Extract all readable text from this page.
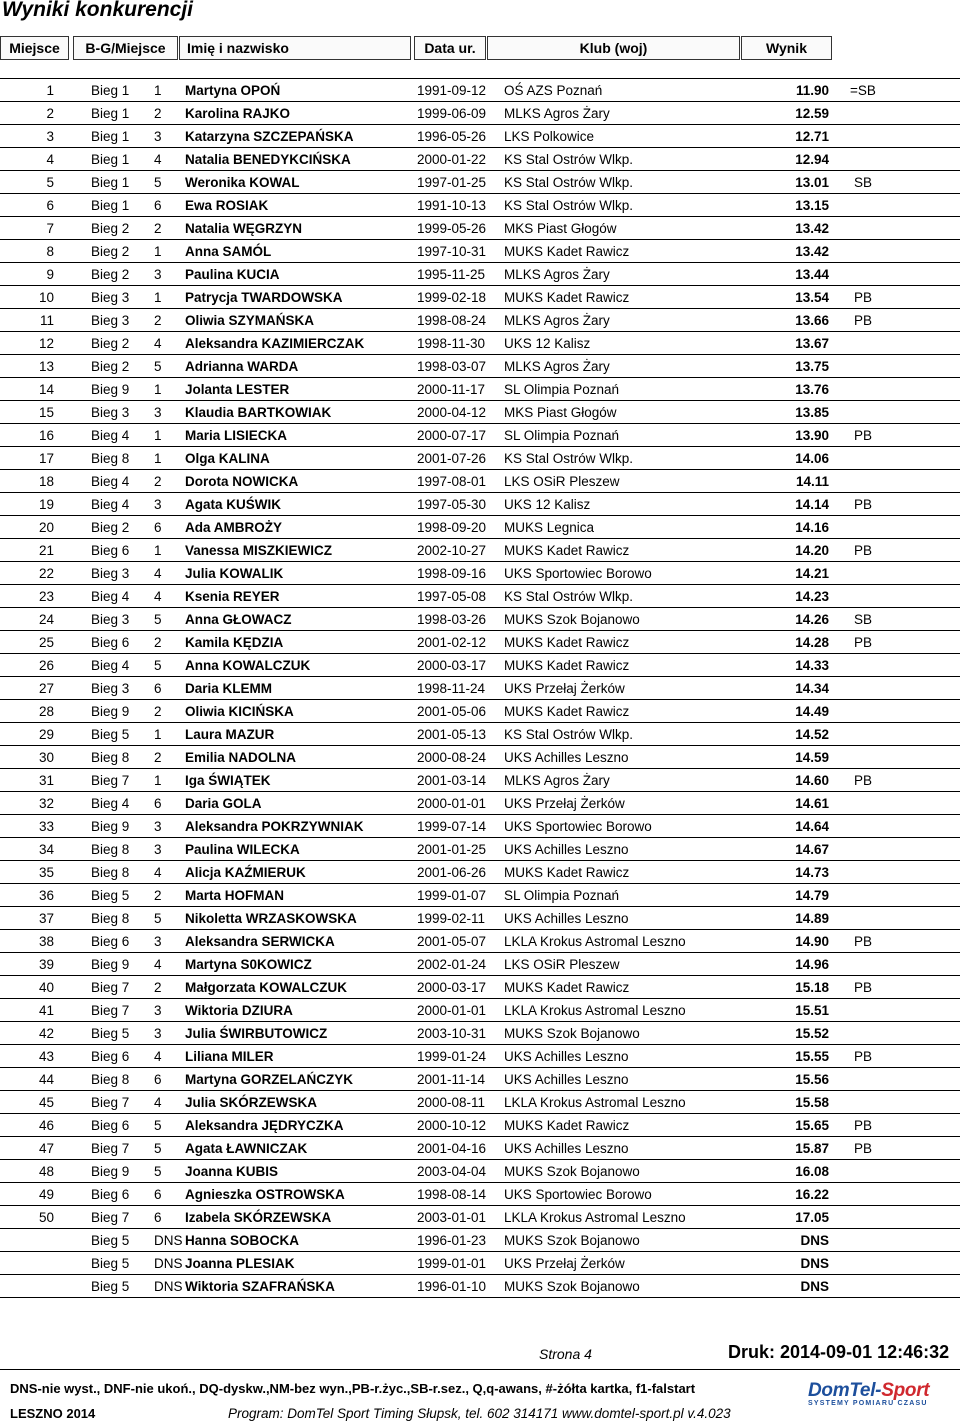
Wyniki konkurencji
Miejsce	B-G/Miejsce	Imię i nazwisko	Data ur.	Klub (woj)	Wynik
1	Bieg 1 1 Martyna OPOŃ	1991-09-12 OŚ AZS Poznań	11.90 =SB
2	Bieg 1 2 Karolina RAJKO	1999-06-09 MLKS Agros Żary	12.59
3	Bieg 1 3 Katarzyna SZCZEPAŃSKA	1996-05-26 LKS Polkowice	12.71
4	Bieg 1 4 Natalia BENEDYKCIŃSKA	2000-01-22 KS Stal Ostrów Wlkp.	12.94
5	Bieg 1 5 Weronika KOWAL	1997-01-25 KS Stal Ostrów Wlkp.	13.01	SB
6	Bieg 1 6 Ewa ROSIAK	1991-10-13 KS Stal Ostrów Wlkp.	13.15
7	Bieg 2 2 Natalia WĘGRZYN	1999-05-26 MKS Piast Głogów	13.42
8	Bieg 2 1 Anna SAMÓL	1997-10-31 MUKS Kadet Rawicz	13.42
9	Bieg 2 3 Paulina KUCIA	1995-11-25 MLKS Agros Żary	13.44
10	Bieg 3 1 Patrycja TWARDOWSKA	1999-02-18 MUKS Kadet Rawicz	13.54	PB
11	Bieg 3 2 Oliwia SZYMAŃSKA	1998-08-24 MLKS Agros Żary	13.66	PB
12	Bieg 2 4 Aleksandra KAZIMIERCZAK	1998-11-30 UKS 12 Kalisz	13.67
13	Bieg 2 5 Adrianna WARDA	1998-03-07 MLKS Agros Żary	13.75
14	Bieg 9 1 Jolanta LESTER	2000-11-17 SL Olimpia Poznań	13.76
15	Bieg 3 3 Klaudia BARTKOWIAK	2000-04-12 MKS Piast Głogów	13.85
16	Bieg 4 1 Maria LISIECKA	2000-07-17 SL Olimpia Poznań	13.90	PB
17	Bieg 8 1 Olga KALINA	2001-07-26 KS Stal Ostrów Wlkp.	14.06
18	Bieg 4 2 Dorota NOWICKA	1997-08-01 LKS OSiR Pleszew	14.11
19	Bieg 4 3 Agata KUŚWIK	1997-05-30 UKS 12 Kalisz	14.14	PB
20	Bieg 2 6 Ada AMBROŻY	1998-09-20 MUKS Legnica	14.16
21	Bieg 6 1 Vanessa MISZKIEWICZ	2002-10-27 MUKS Kadet Rawicz	14.20	PB
22	Bieg 3 4 Julia KOWALIK	1998-09-16 UKS Sportowiec Borowo	14.21
23	Bieg 4 4 Ksenia REYER	1997-05-08 KS Stal Ostrów Wlkp.	14.23
24	Bieg 3 5 Anna GŁOWACZ	1998-03-26 MUKS Szok Bojanowo	14.26	SB
25	Bieg 6 2 Kamila KĘDZIA	2001-02-12 MUKS Kadet Rawicz	14.28	PB
26	Bieg 4 5 Anna KOWALCZUK	2000-03-17 MUKS Kadet Rawicz	14.33
27	Bieg 3 6 Daria KLEMM	1998-11-24 UKS Przełaj Żerków	14.34
28	Bieg 9 2 Oliwia KICIŃSKA	2001-05-06 MUKS Kadet Rawicz	14.49
29	Bieg 5 1 Laura MAZUR	2001-05-13 KS Stal Ostrów Wlkp.	14.52
30	Bieg 8 2 Emilia NADOLNA	2000-08-24 UKS Achilles Leszno	14.59
31	Bieg 7 1 Iga ŚWIĄTEK	2001-03-14 MLKS Agros Żary	14.60	PB
32	Bieg 4 6 Daria GOLA	2000-01-01 UKS Przełaj Żerków	14.61
33	Bieg 9 3 Aleksandra POKRZYWNIAK	1999-07-14 UKS Sportowiec Borowo	14.64
34	Bieg 8 3 Paulina WILECKA	2001-01-25 UKS Achilles Leszno	14.67
35	Bieg 8 4 Alicja KAŹMIERUK	2001-06-26 MUKS Kadet Rawicz	14.73
36	Bieg 5 2 Marta HOFMAN	1999-01-07 SL Olimpia Poznań	14.79
37	Bieg 8 5 Nikoletta WRZASKOWSKA	1999-02-11 UKS Achilles Leszno	14.89
38	Bieg 6 3 Aleksandra SERWICKA	2001-05-07 LKLA Krokus Astromal Leszno	14.90	PB
39	Bieg 9 4 Martyna S0KOWICZ	2002-01-24 LKS OSiR Pleszew	14.96
40	Bieg 7 2 Małgorzata KOWALCZUK	2000-03-17 MUKS Kadet Rawicz	15.18	PB
41	Bieg 7 3 Wiktoria DZIURA	2000-01-01 LKLA Krokus Astromal Leszno	15.51
42	Bieg 5 3 Julia ŚWIRBUTOWICZ	2003-10-31 MUKS Szok Bojanowo	15.52
43	Bieg 6 4 Liliana MILER	1999-01-24 UKS Achilles Leszno	15.55	PB
44	Bieg 8 6 Martyna GORZELAŃCZYK	2001-11-14 UKS Achilles Leszno	15.56
45	Bieg 7 4 Julia SKÓRZEWSKA	2000-08-11 LKLA Krokus Astromal Leszno	15.58
46	Bieg 6 5 Aleksandra JĘDRYCZKA	2000-10-12 MUKS Kadet Rawicz	15.65	PB
47	Bieg 7 5 Agata ŁAWNICZAK	2001-04-16 UKS Achilles Leszno	15.87	PB
48	Bieg 9 5 Joanna KUBIS	2003-04-04 MUKS Szok Bojanowo	16.08
49	Bieg 6 6 Agnieszka OSTROWSKA	1998-08-14 UKS Sportowiec Borowo	16.22
50	Bieg 7 6 Izabela SKÓRZEWSKA	2003-01-01 LKLA Krokus Astromal Leszno	17.05
Bieg 5 DNS Hanna SOBOCKA	1996-01-23 MUKS Szok Bojanowo	DNS
Bieg 5 DNS Joanna PLESIAK	1999-01-01 UKS Przełaj Żerków	DNS
Bieg 5 DNS Wiktoria SZAFRAŃSKA	1996-01-10 MUKS Szok Bojanowo	DNS
Strona 4	Druk: 2014-09-01 12:46:32
DNS-nie wyst., DNF-nie ukoń., DQ-dyskw.,NM-bez wyn.,PB-r.życ.,SB-r.sez., Q,q-awans, #-żółta kartka, f1-falstart
LESZNO 2014	Program: DomTel Sport Timing Słupsk, tel. 602 314171 www.domtel-sport.pl v.4.023
DomTel-Sport
SYSTEMY POMIARU CZASU
